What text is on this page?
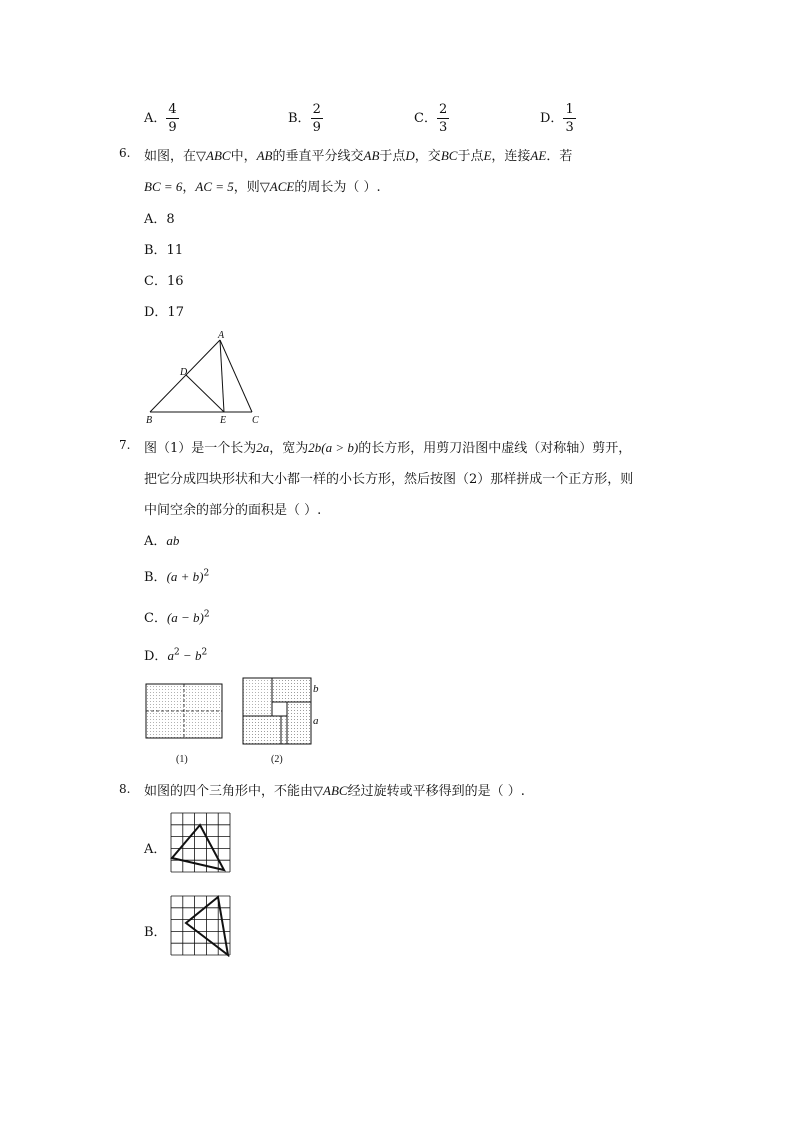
A． $\frac{4}{9}$	B． $\frac{2}{9}$	C． $\frac{2}{3}$	D． $\frac{1}{3}$
6. 如图，在▽ABC中，AB的垂直平分线交AB于点D，交BC于点E，连接AE．若
BC = 6，AC = 5，则▽ACE的周长为（ ）.
A．8
B．11
C．16
D．17
A
D
B	E	C
7. 图（1）是一个长为2a，宽为2b(a > b)的长方形，用剪刀沿图中虚线（对称轴）剪开，
把它分成四块形状和大小都一样的小长方形，然后按图（2）那样拼成一个正方形，则
中间空余的部分的面积是（ ）.
A．ab
B．$(a + b)^2$
C．$(a - b)^2$
D．$a^2 - b^2$
b
a
(1)	(2)
8. 如图的四个三角形中，不能由▽ABC经过旋转或平移得到的是（ ）.
A．
B．
